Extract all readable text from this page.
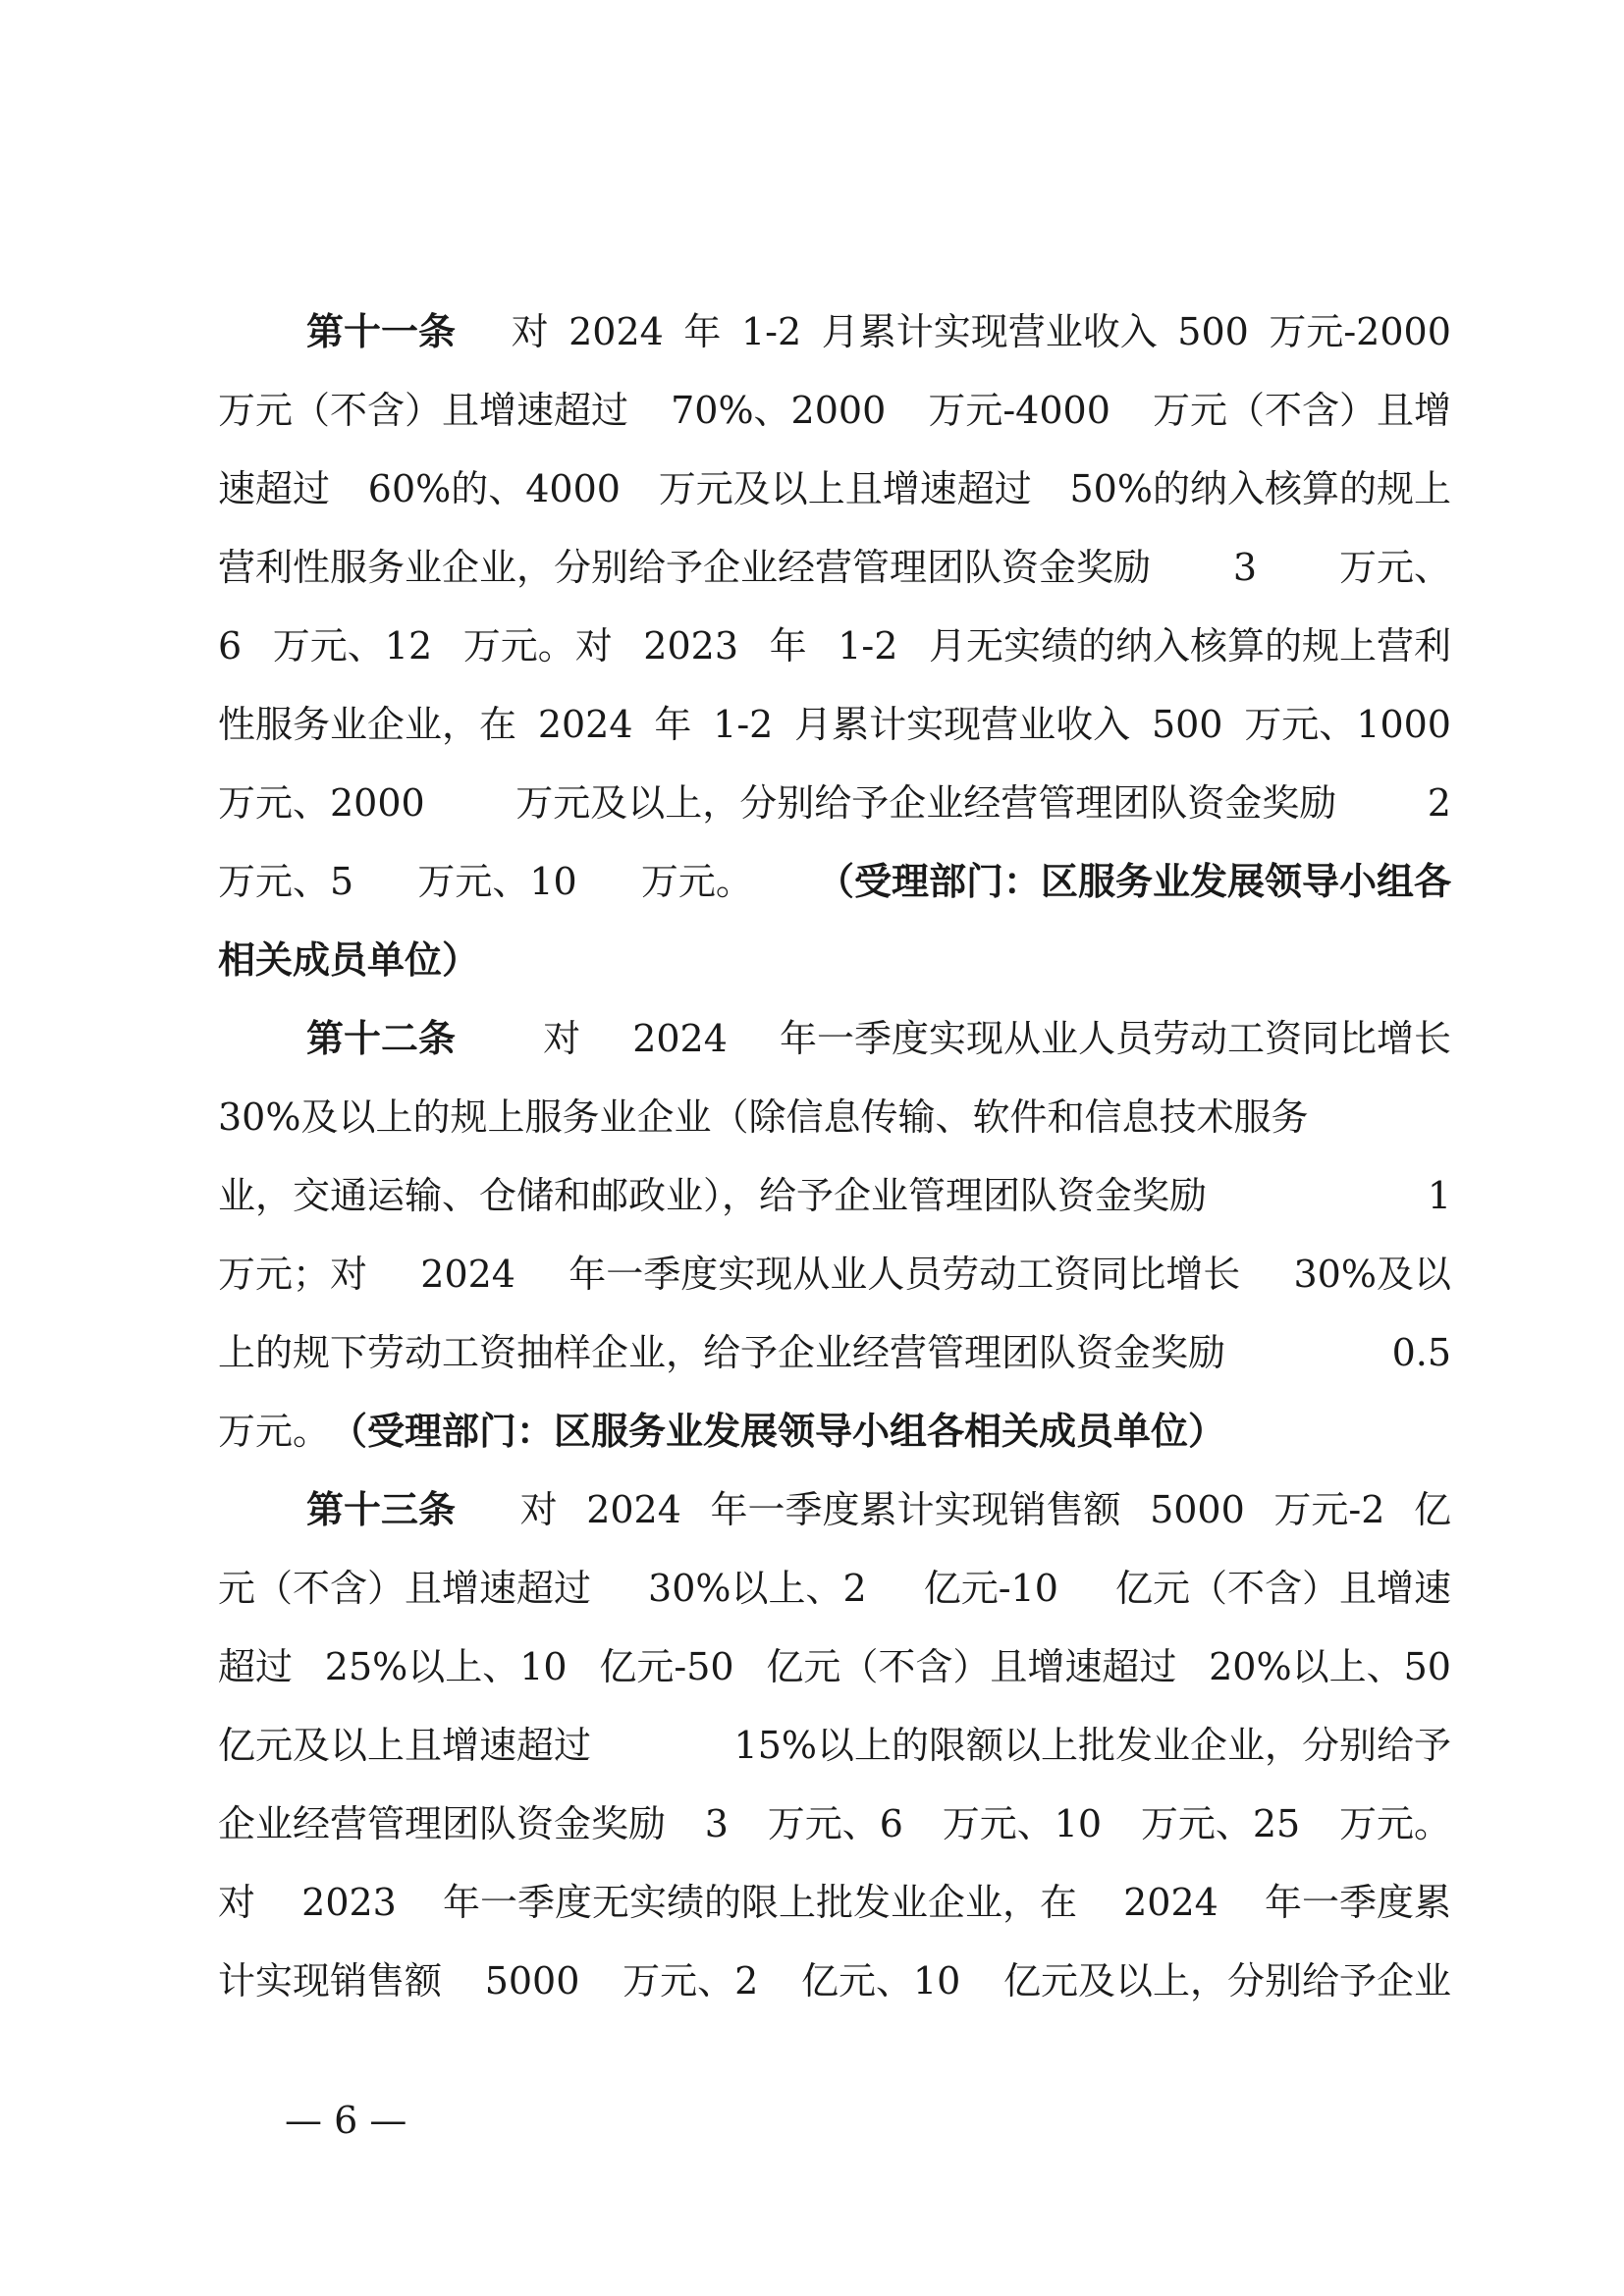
第十一条 对 2024 年 1-2 月累计实现营业收入 500 万元-2000
万元（不含）且增速超过 70%、2000 万元-4000 万元（不含）且增
速超过 60%的、4000 万元及以上且增速超过 50%的纳入核算的规上
营利性服务业企业，分别给予企业经营管理团队资金奖励 3 万元、
6 万元、12 万元。对 2023 年 1-2 月无实绩的纳入核算的规上营利
性服务业企业，在 2024 年 1-2 月累计实现营业收入 500 万元、1000
万元、2000 万元及以上，分别给予企业经营管理团队资金奖励 2
万元、5 万元、10 万元。 （受理部门：区服务业发展领导小组各
相关成员单位）
第十二条 对 2024 年一季度实现从业人员劳动工资同比增长
30%及以上的规上服务业企业（除信息传输、软件和信息技术服务
业，交通运输、仓储和邮政业），给予企业管理团队资金奖励	1
万元；对 2024 年一季度实现从业人员劳动工资同比增长 30%及以
上的规下劳动工资抽样企业，给予企业经营管理团队资金奖励	0.5
万元。 （受理部门：区服务业发展领导小组各相关成员单位）
第十三条 对 2024 年一季度累计实现销售额 5000 万元-2 亿
元（不含）且增速超过 30%以上、2 亿元-10 亿元（不含）且增速
超过 25%以上、10 亿元-50 亿元（不含）且增速超过 20%以上、50
亿元及以上且增速超过	15%以上的限额以上批发业企业，分别给予
企业经营管理团队资金奖励 3 万元、6 万元、10 万元、25 万元。
对 2023 年一季度无实绩的限上批发业企业，在 2024 年一季度累
计实现销售额 5000 万元、2 亿元、10 亿元及以上，分别给予企业
— 6 —
